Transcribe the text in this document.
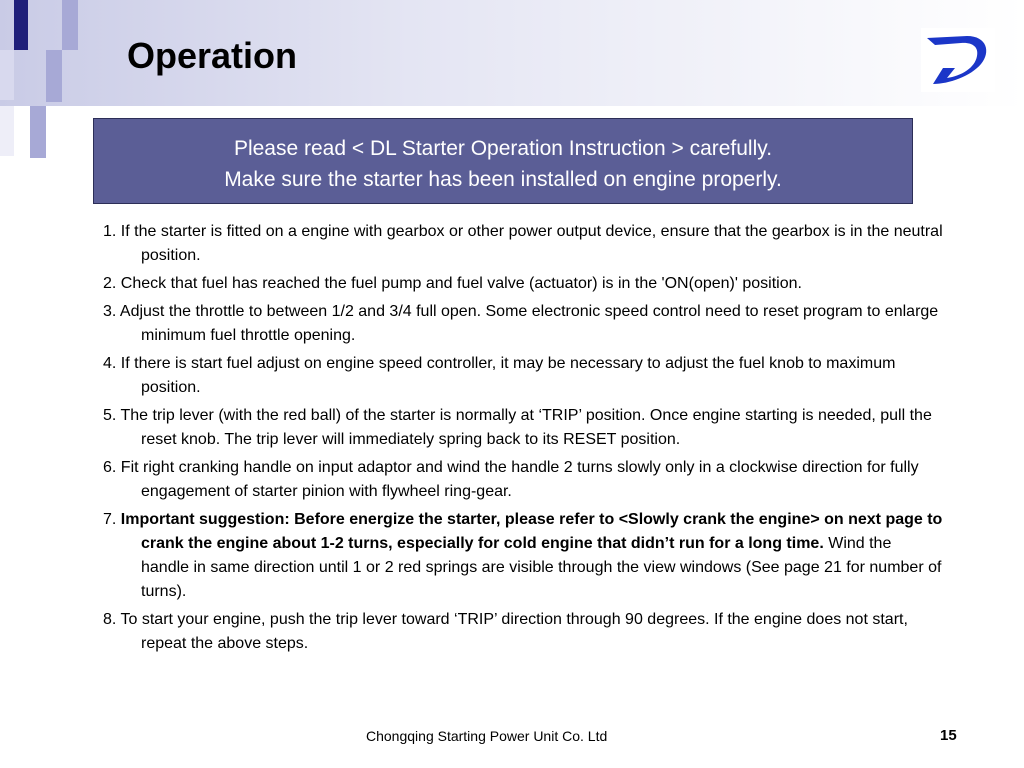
Operation
Please read < DL Starter Operation Instruction > carefully.
Make sure the starter has been installed on engine properly.
1. If the starter is fitted on a engine with gearbox or other power output device, ensure that the gearbox is in the neutral position.
2. Check that fuel has reached the fuel pump and fuel valve (actuator) is in the 'ON(open)' position.
3. Adjust the throttle to between 1/2 and 3/4 full open. Some electronic speed control need to reset program to enlarge minimum fuel throttle opening.
4. If there is start fuel adjust on engine speed controller, it may be necessary to adjust the fuel knob to maximum position.
5. The trip lever (with the red ball) of the starter is normally at ‘TRIP’ position. Once engine starting is needed, pull the reset knob. The trip lever will immediately spring back to its RESET position.
6. Fit right cranking handle on input adaptor and wind the handle 2 turns slowly only in a clockwise direction for fully engagement of starter pinion with flywheel ring-gear.
7. Important suggestion: Before energize the starter, please refer to <Slowly crank the engine> on next page to crank the engine about 1-2 turns, especially for cold engine that didn’t run for a long time. Wind the handle in same direction until 1 or 2 red springs are visible through the view windows (See page 21 for number of turns).
8. To start your engine, push the trip lever toward ‘TRIP’ direction through 90 degrees. If the engine does not start, repeat the above steps.
Chongqing Starting Power Unit Co. Ltd	15
